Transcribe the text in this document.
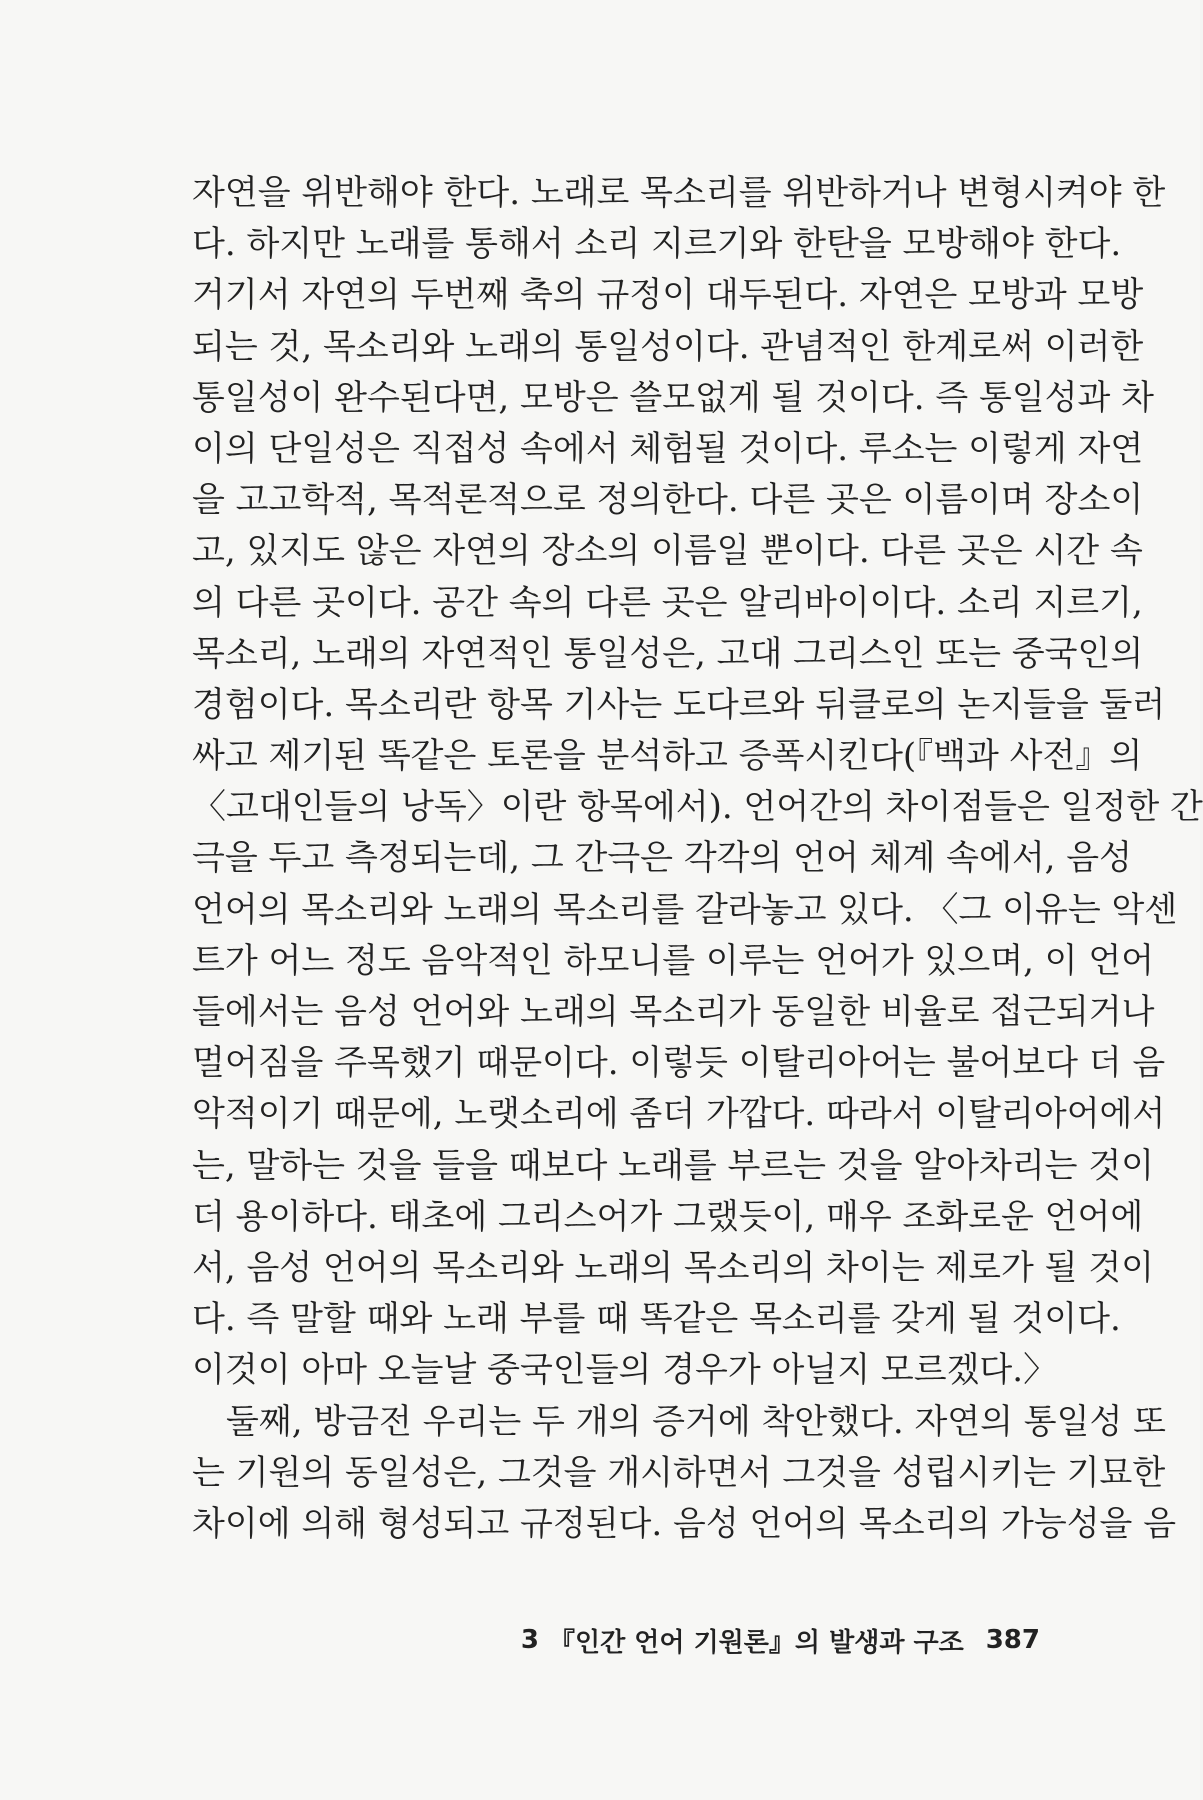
자연을 위반해야 한다. 노래로 목소리를 위반하거나 변형시켜야 한
다. 하지만 노래를 통해서 소리 지르기와 한탄을 모방해야 한다.
거기서 자연의 두번째 축의 규정이 대두된다. 자연은 모방과 모방
되는 것, 목소리와 노래의 통일성이다. 관념적인 한계로써 이러한
통일성이 완수된다면, 모방은 쓸모없게 될 것이다. 즉 통일성과 차
이의 단일성은 직접성 속에서 체험될 것이다. 루소는 이렇게 자연
을 고고학적, 목적론적으로 정의한다. 다른 곳은 이름이며 장소이
고, 있지도 않은 자연의 장소의 이름일 뿐이다. 다른 곳은 시간 속
의 다른 곳이다. 공간 속의 다른 곳은 알리바이이다. 소리 지르기,
목소리, 노래의 자연적인 통일성은, 고대 그리스인 또는 중국인의
경험이다. 목소리란 항목 기사는 도다르와 뒤클로의 논지들을 둘러
싸고 제기된 똑같은 토론을 분석하고 증폭시킨다(『백과 사전』의
〈고대인들의 낭독〉이란 항목에서). 언어간의 차이점들은 일정한 간
극을 두고 측정되는데, 그 간극은 각각의 언어 체계 속에서, 음성
언어의 목소리와 노래의 목소리를 갈라놓고 있다. 〈그 이유는 악센
트가 어느 정도 음악적인 하모니를 이루는 언어가 있으며, 이 언어
들에서는 음성 언어와 노래의 목소리가 동일한 비율로 접근되거나
멀어짐을 주목했기 때문이다. 이렇듯 이탈리아어는 불어보다 더 음
악적이기 때문에, 노랫소리에 좀더 가깝다. 따라서 이탈리아어에서
는, 말하는 것을 들을 때보다 노래를 부르는 것을 알아차리는 것이
더 용이하다. 태초에 그리스어가 그랬듯이, 매우 조화로운 언어에
서, 음성 언어의 목소리와 노래의 목소리의 차이는 제로가 될 것이
다. 즉 말할 때와 노래 부를 때 똑같은 목소리를 갖게 될 것이다.
이것이 아마 오늘날 중국인들의 경우가 아닐지 모르겠다.〉
둘째, 방금전 우리는 두 개의 증거에 착안했다. 자연의 통일성 또
는 기원의 동일성은, 그것을 개시하면서 그것을 성립시키는 기묘한
차이에 의해 형성되고 규정된다. 음성 언어의 목소리의 가능성을 음
3 『인간 언어 기원론』의 발생과 구조 387
